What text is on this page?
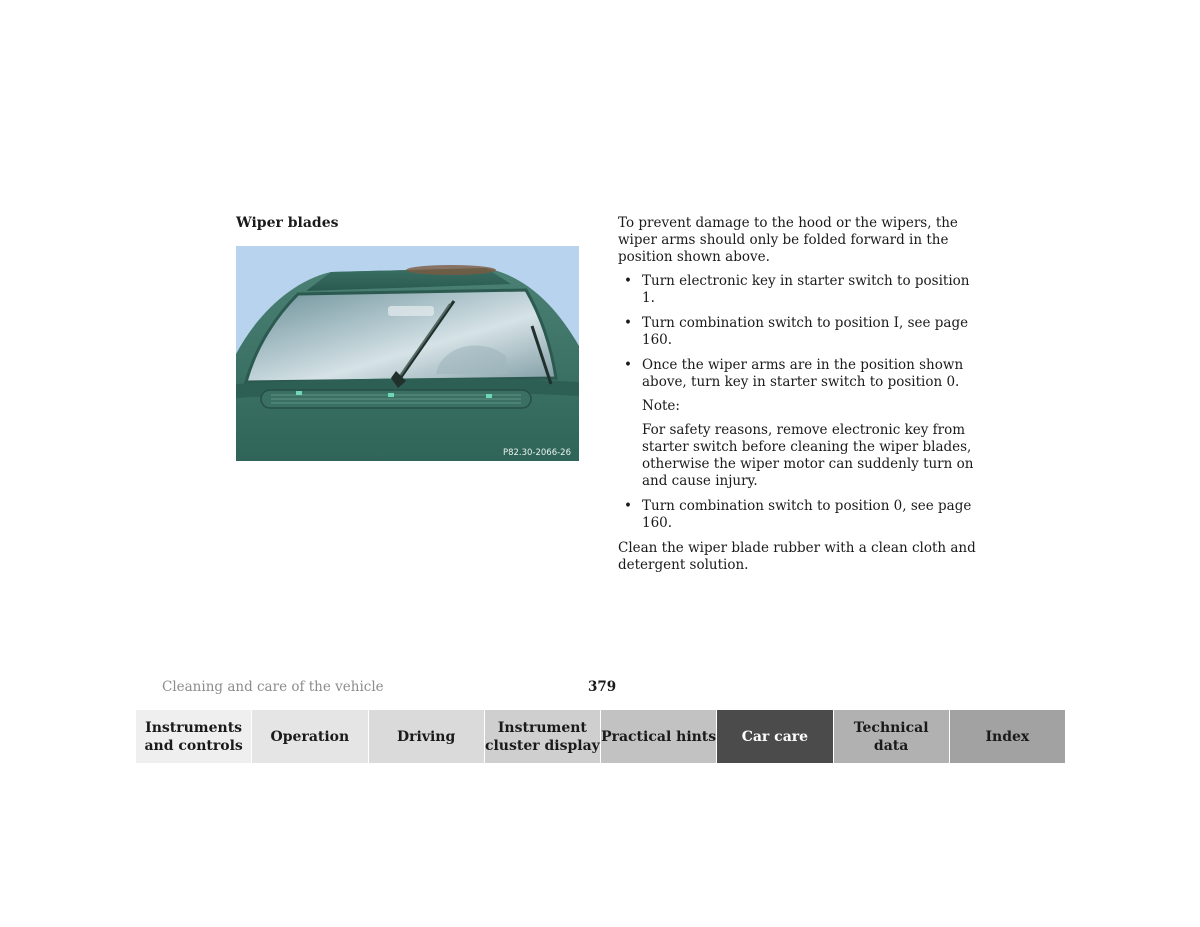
Wiper blades
P82.30-2066-26

To prevent damage to the hood or the wipers, the wiper arms should only be folded forward in the position shown above.

• Turn electronic key in starter switch to position 1.
• Turn combination switch to position I, see page 160.
• Once the wiper arms are in the position shown above, turn key in starter switch to position 0.
Note:
For safety reasons, remove electronic key from starter switch before cleaning the wiper blades, otherwise the wiper motor can suddenly turn on and cause injury.
• Turn combination switch to position 0, see page 160.

Clean the wiper blade rubber with a clean cloth and detergent solution.

Cleaning and care of the vehicle	379
Instruments
and controls
Operation	Driving
Instrument
cluster display
Practical hints	Car care
Technical
data
Index
